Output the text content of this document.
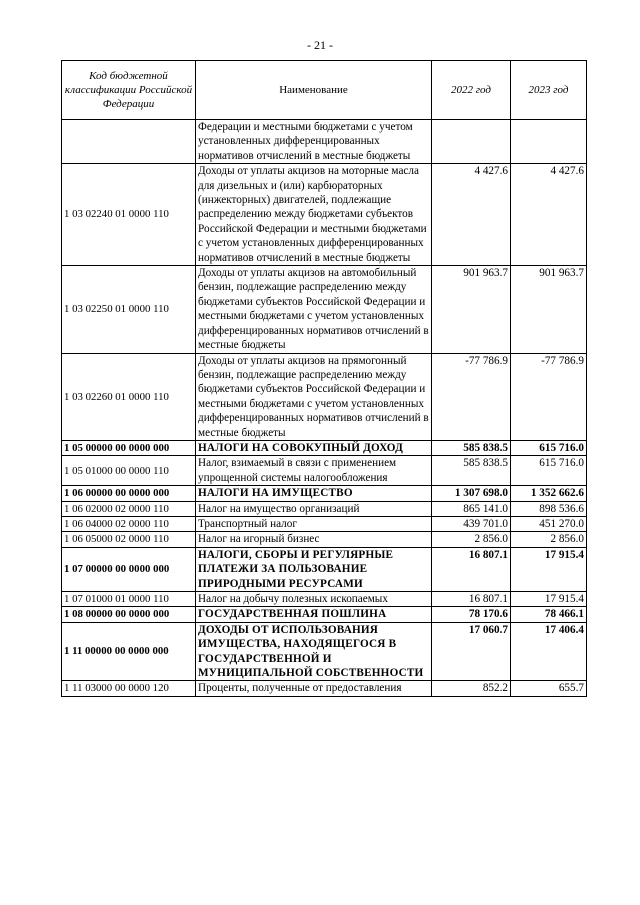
- 21 -
Код бюджетной классификации Российской Федерации	Наименование	2022 год	2023 год
	Федерации и местными бюджетами с учетом установленных дифференцированных нормативов отчислений в местные бюджеты		
1 03 02240 01 0000 110	Доходы от уплаты акцизов на моторные масла для дизельных и (или) карбюраторных (инжекторных) двигателей, подлежащие распределению между бюджетами субъектов Российской Федерации и местными бюджетами с учетом установленных дифференцированных нормативов отчислений в местные бюджеты	4 427.6	4 427.6
1 03 02250 01 0000 110	Доходы от уплаты акцизов на автомобильный бензин, подлежащие распределению между бюджетами субъектов Российской Федерации и местными бюджетами с учетом установленных дифференцированных нормативов отчислений в местные бюджеты	901 963.7	901 963.7
1 03 02260 01 0000 110	Доходы от уплаты акцизов на прямогонный бензин, подлежащие распределению между бюджетами субъектов Российской Федерации и местными бюджетами с учетом установленных дифференцированных нормативов отчислений в местные бюджеты	-77 786.9	-77 786.9
1 05 00000 00 0000 000	НАЛОГИ НА СОВОКУПНЫЙ ДОХОД	585 838.5	615 716.0
1 05 01000 00 0000 110	Налог, взимаемый в связи с применением упрощенной системы налогообложения	585 838.5	615 716.0
1 06 00000 00 0000 000	НАЛОГИ НА ИМУЩЕСТВО	1 307 698.0	1 352 662.6
1 06 02000 02 0000 110	Налог на имущество организаций	865 141.0	898 536.6
1 06 04000 02 0000 110	Транспортный налог	439 701.0	451 270.0
1 06 05000 02 0000 110	Налог на игорный бизнес	2 856.0	2 856.0
1 07 00000 00 0000 000	НАЛОГИ, СБОРЫ И РЕГУЛЯРНЫЕ ПЛАТЕЖИ ЗА ПОЛЬЗОВАНИЕ ПРИРОДНЫМИ РЕСУРСАМИ	16 807.1	17 915.4
1 07 01000 01 0000 110	Налог на добычу полезных ископаемых	16 807.1	17 915.4
1 08 00000 00 0000 000	ГОСУДАРСТВЕННАЯ ПОШЛИНА	78 170.6	78 466.1
1 11 00000 00 0000 000	ДОХОДЫ ОТ ИСПОЛЬЗОВАНИЯ ИМУЩЕСТВА, НАХОДЯЩЕГОСЯ В ГОСУДАРСТВЕННОЙ И МУНИЦИПАЛЬНОЙ СОБСТВЕННОСТИ	17 060.7	17 406.4
1 11 03000 00 0000 120	Проценты, полученные от предоставления	852.2	655.7
